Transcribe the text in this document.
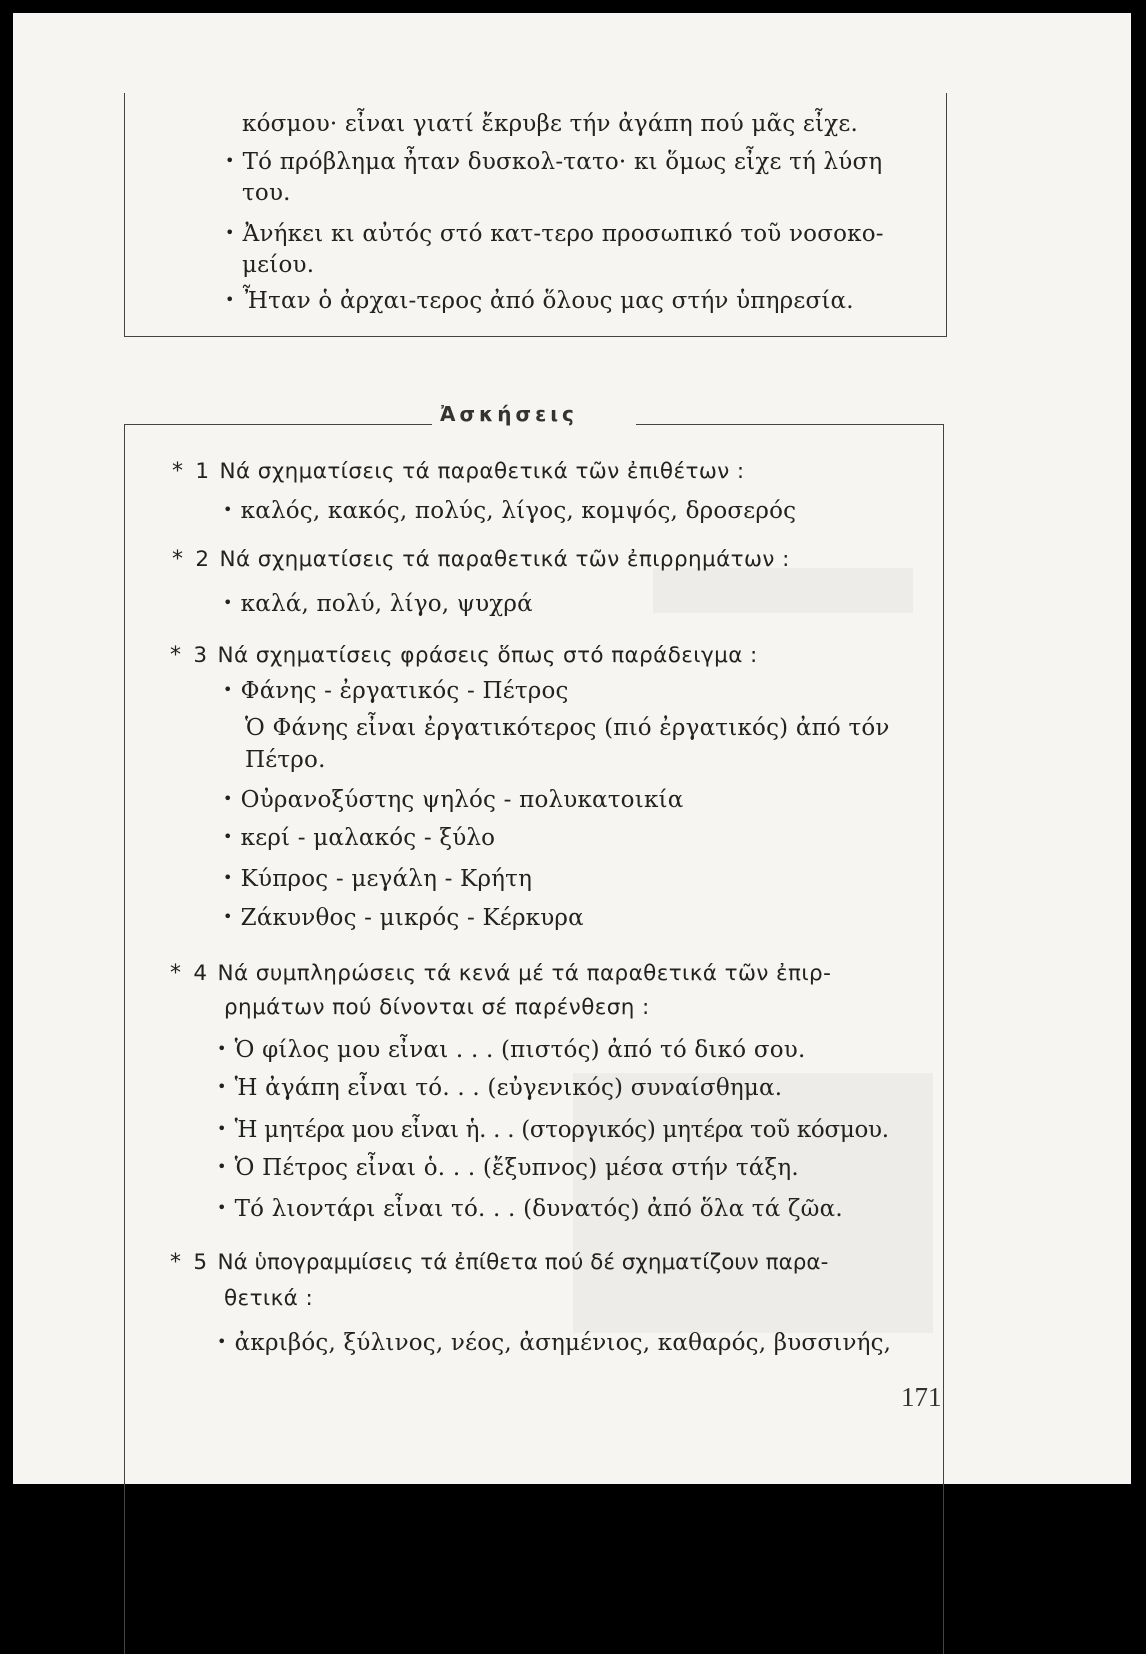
κόσμου· εἶναι γιατί ἔκρυβε τήν ἀγάπη πού μᾶς εἶχε.
• Τό πρόβλημα ἦταν δυσκολ-τατο· κι ὅμως εἶχε τή λύση
του.
• Ἀνήκει κι αὐτός στό κατ-τερο προσωπικό τοῦ νοσοκο-
μείου.
• Ἦταν ὁ ἀρχαι-τερος ἀπό ὅλους μας στήν ὑπηρεσία.
Ἀσκήσεις
* 1 Νά σχηματίσεις τά παραθετικά τῶν ἐπιθέτων :
• καλός, κακός, πολύς, λίγος, κομψός, δροσερός
* 2 Νά σχηματίσεις τά παραθετικά τῶν ἐπιρρημάτων :
• καλά, πολύ, λίγο, ψυχρά
* 3 Νά σχηματίσεις φράσεις ὅπως στό παράδειγμα :
• Φάνης - ἐργατικός - Πέτρος
Ὁ Φάνης εἶναι ἐργατικότερος (πιό ἐργατικός) ἀπό τόν
Πέτρο.
• Οὐρανοξύστης ψηλός - πολυκατοικία
• κερί - μαλακός - ξύλο
• Κύπρος - μεγάλη - Κρήτη
• Ζάκυνθος - μικρός - Κέρκυρα
* 4 Νά συμπληρώσεις τά κενά μέ τά παραθετικά τῶν ἐπιρ-
ρημάτων πού δίνονται σέ παρένθεση :
• Ὁ φίλος μου εἶναι . . . (πιστός) ἀπό τό δικό σου.
• Ἡ ἀγάπη εἶναι τό. . . (εὐγενικός) συναίσθημα.
• Ἡ μητέρα μου εἶναι ἡ. . . (στοργικός) μητέρα τοῦ κόσμου.
• Ὁ Πέτρος εἶναι ὁ. . . (ἔξυπνος) μέσα στήν τάξη.
• Τό λιοντάρι εἶναι τό. . . (δυνατός) ἀπό ὅλα τά ζῶα.
* 5 Νά ὑπογραμμίσεις τά ἐπίθετα πού δέ σχηματίζουν παρα-
θετικά :
• ἀκριβός, ξύλινος, νέος, ἀσημένιος, καθαρός, βυσσινής,
171
